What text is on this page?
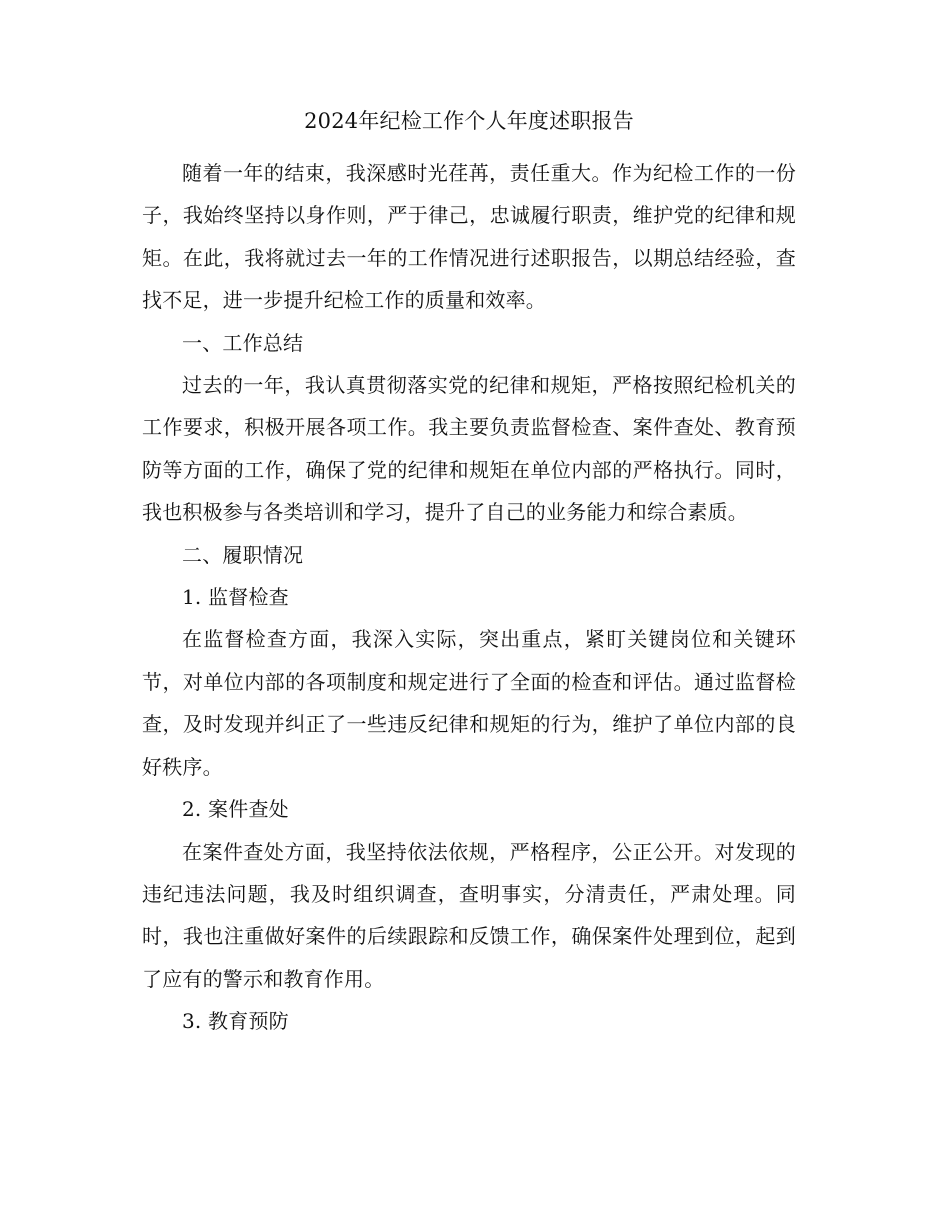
2024年纪检工作个人年度述职报告

随着一年的结束，我深感时光荏苒，责任重大。作为纪检工作的一份子，我始终坚持以身作则，严于律己，忠诚履行职责，维护党的纪律和规矩。在此，我将就过去一年的工作情况进行述职报告，以期总结经验，查找不足，进一步提升纪检工作的质量和效率。

一、工作总结

过去的一年，我认真贯彻落实党的纪律和规矩，严格按照纪检机关的工作要求，积极开展各项工作。我主要负责监督检查、案件查处、教育预防等方面的工作，确保了党的纪律和规矩在单位内部的严格执行。同时，我也积极参与各类培训和学习，提升了自己的业务能力和综合素质。

二、履职情况

1. 监督检查

在监督检查方面，我深入实际，突出重点，紧盯关键岗位和关键环节，对单位内部的各项制度和规定进行了全面的检查和评估。通过监督检查，及时发现并纠正了一些违反纪律和规矩的行为，维护了单位内部的良好秩序。

2. 案件查处

在案件查处方面，我坚持依法依规，严格程序，公正公开。对发现的违纪违法问题，我及时组织调查，查明事实，分清责任，严肃处理。同时，我也注重做好案件的后续跟踪和反馈工作，确保案件处理到位，起到了应有的警示和教育作用。

3. 教育预防
